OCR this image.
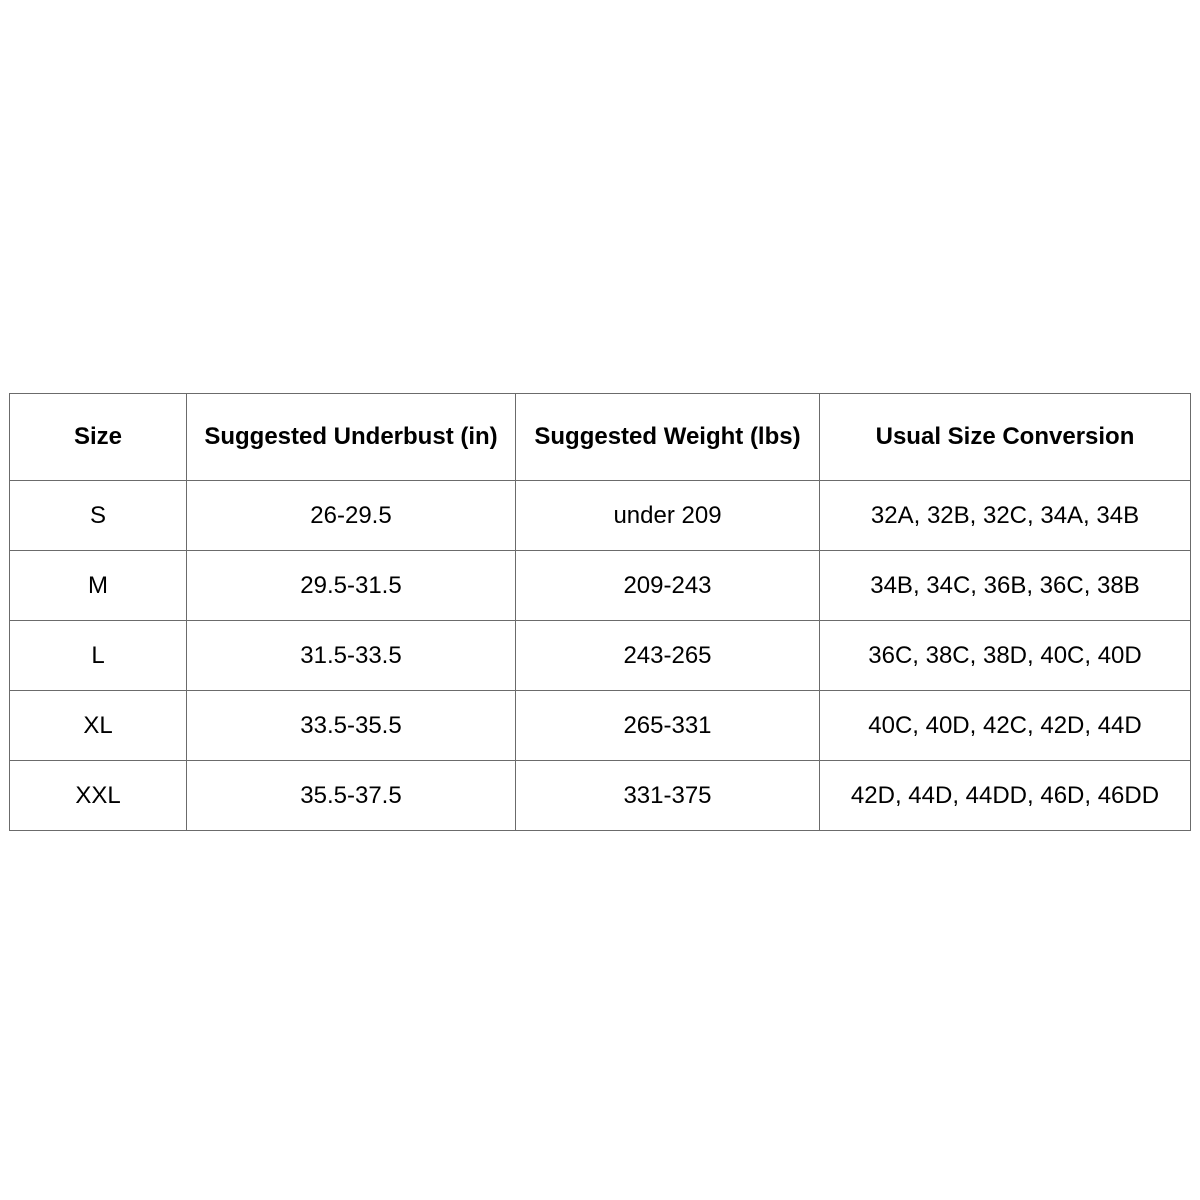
Size	Suggested Underbust (in)	Suggested Weight (lbs)	Usual Size Conversion
S	26-29.5	under 209	32A, 32B, 32C, 34A, 34B
M	29.5-31.5	209-243	34B, 34C, 36B, 36C, 38B
L	31.5-33.5	243-265	36C, 38C, 38D, 40C, 40D
XL	33.5-35.5	265-331	40C, 40D, 42C, 42D, 44D
XXL	35.5-37.5	331-375	42D, 44D, 44DD, 46D, 46DD
